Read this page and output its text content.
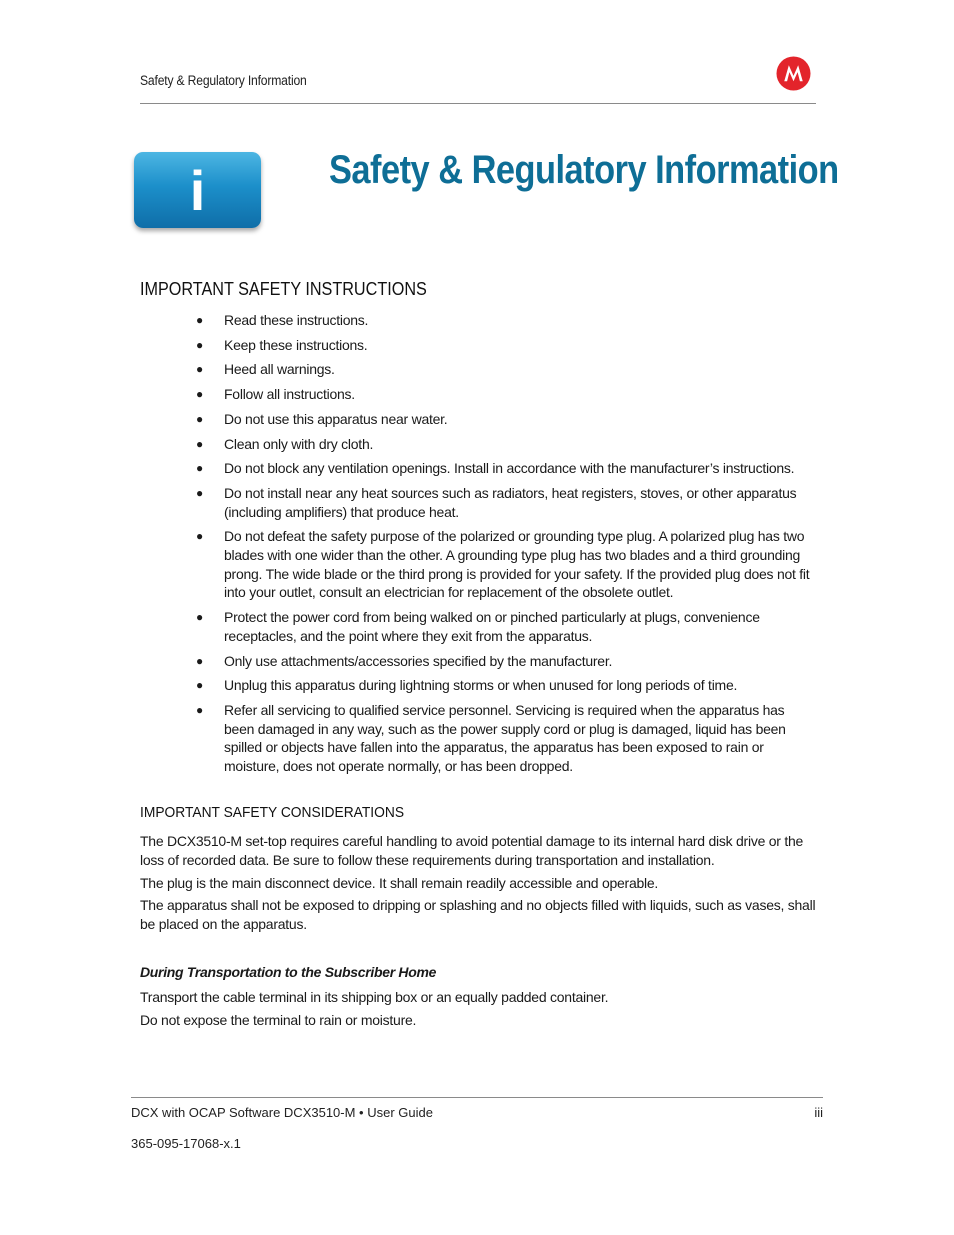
Safety & Regulatory Information
i	Safety & Regulatory Information
IMPORTANT SAFETY INSTRUCTIONS
● Read these instructions.
● Keep these instructions.
● Heed all warnings.
● Follow all instructions.
● Do not use this apparatus near water.
● Clean only with dry cloth.
● Do not block any ventilation openings. Install in accordance with the manufacturer’s instructions.
● Do not install near any heat sources such as radiators, heat registers, stoves, or other apparatus (including amplifiers) that produce heat.
● Do not defeat the safety purpose of the polarized or grounding type plug. A polarized plug has two blades with one wider than the other. A grounding type plug has two blades and a third grounding prong. The wide blade or the third prong is provided for your safety. If the provided plug does not fit into your outlet, consult an electrician for replacement of the obsolete outlet.
● Protect the power cord from being walked on or pinched particularly at plugs, convenience receptacles, and the point where they exit from the apparatus.
● Only use attachments/accessories specified by the manufacturer.
● Unplug this apparatus during lightning storms or when unused for long periods of time.
● Refer all servicing to qualified service personnel. Servicing is required when the apparatus has been damaged in any way, such as the power supply cord or plug is damaged, liquid has been spilled or objects have fallen into the apparatus, the apparatus has been exposed to rain or moisture, does not operate normally, or has been dropped.
IMPORTANT SAFETY CONSIDERATIONS

The DCX3510-M set-top requires careful handling to avoid potential damage to its internal hard disk drive or the loss of recorded data. Be sure to follow these requirements during transportation and installation.

The plug is the main disconnect device. It shall remain readily accessible and operable.

The apparatus shall not be exposed to dripping or splashing and no objects filled with liquids, such as vases, shall be placed on the apparatus.

During Transportation to the Subscriber Home

Transport the cable terminal in its shipping box or an equally padded container.

Do not expose the terminal to rain or moisture.

DCX with OCAP Software DCX3510-M • User Guide	iii
365-095-17068-x.1
